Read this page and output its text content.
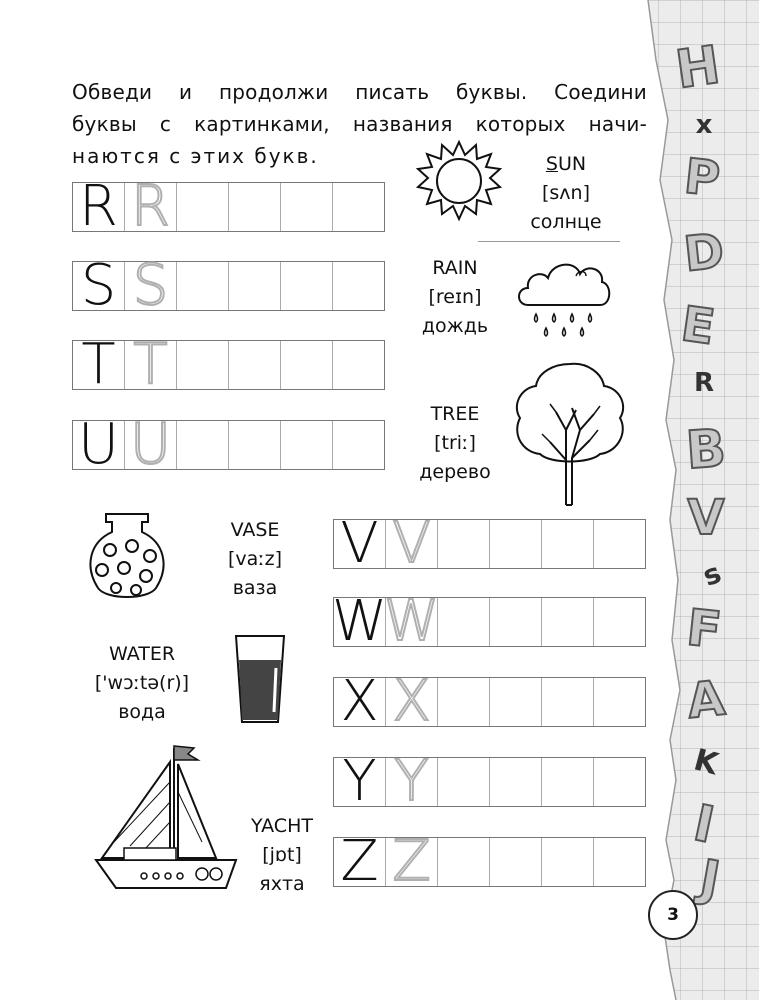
Обведи и продолжи писать буквы. Соедини
буквы с картинками, названия которых начи-
наются с этих букв.
H
x
P
D
E
R
B
V
s
F
A
K
I
J
3
R R
S S
T T
U U
V V
W
W
X X
Y Y
Z Z
SUN
[sʌn]
солнце
RAIN
[reɪn]
дождь
TREE
[triː]
дерево
VASE
[vaːz]
ваза
WATER
['wɔːtə(r)]
вода
YACHT
[jɒt]
яхта
